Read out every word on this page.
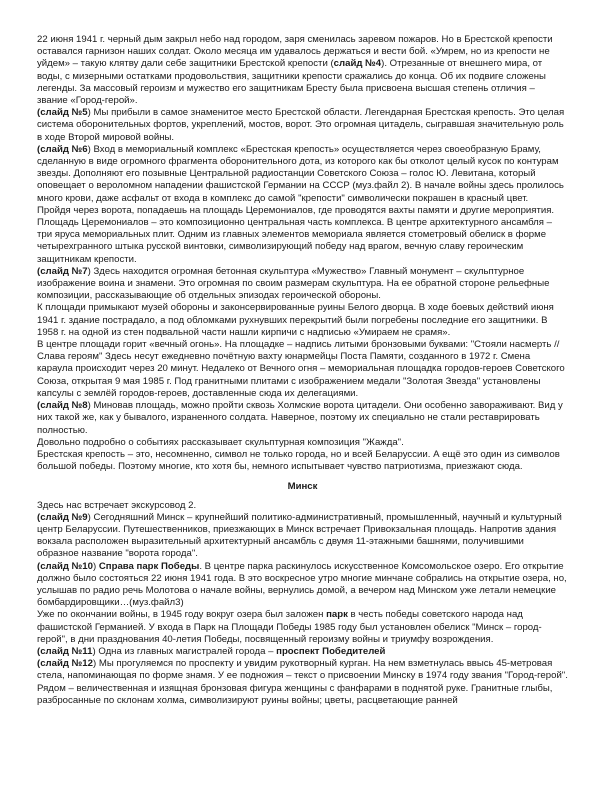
22 июня 1941 г. черный дым закрыл небо над городом, заря сменилась заревом пожаров. Но в Брестской крепости оставался гарнизон наших солдат. Около месяца им удавалось держаться и вести бой. «Умрем, но из крепости не уйдем» – такую клятву дали себе защитники Брестской крепости (слайд №4). Отрезанные от внешнего мира, от воды, с мизерными остатками продовольствия, защитники крепости сражались до конца. Об их подвиге сложены легенды. За массовый героизм и мужество его защитникам Бресту была присвоена высшая степень отличия – звание «Город-герой».

(слайд №5) Мы прибыли в самое знаменитое место Брестской области. Легендарная Брестская крепость. Это целая система оборонительных фортов, укреплений, мостов, ворот. Это огромная цитадель, сыгравшая значительную роль в ходе Второй мировой войны.

(слайд №6) Вход в мемориальный комплекс «Брестская крепость» осуществляется через своеобразную Браму, сделанную в виде огромного фрагмента оборонительного дота, из которого как бы отколот целый кусок по контурам звезды. Дополняют его позывные Центральной радиостанции Советского Союза – голос Ю. Левитана, который оповещает о вероломном нападении фашистской Германии на СССР (муз.файл 2). В начале войны здесь пролилось много крови, даже асфальт от входа в комплекс до самой "крепости" символически покрашен в красный цвет.

Пройдя через ворота, попадаешь на площадь Церемониалов, где проводятся вахты памяти и другие мероприятия. Площадь Церемониалов – это композиционно центральная часть комплекса. В центре архитектурного ансамбля – три яруса мемориальных плит. Одним из главных элементов мемориала является стометровый обелиск в форме четырехгранного штыка русской винтовки, символизирующий победу над врагом, вечную славу героическим защитникам крепости.

(слайд №7) Здесь находится огромная бетонная скульптура «Мужество» Главный монумент – скульптурное изображение воина и знамени. Это огромная по своим размерам скульптура. На ее обратной стороне рельефные композиции, рассказывающие об отдельных эпизодах героической обороны.

К площади примыкают музей обороны и законсервированные руины Белого дворца. В ходе боевых действий июня 1941 г. здание пострадало, а под обломками рухнувших перекрытий были погребены последние его защитники. В 1958 г. на одной из стен подвальной части нашли кирпичи с надписью «Умираем не срамя».

В центре площади горит «вечный огонь». На площадке – надпись литыми бронзовыми буквами: "Стояли насмерть // Слава героям" Здесь несут ежедневно почётную вахту юнармейцы Поста Памяти, созданного в 1972 г. Смена караула происходит через 20 минут. Недалеко от Вечного огня – мемориальная площадка городов-героев Советского Союза, открытая 9 мая 1985 г. Под гранитными плитами с изображением медали "Золотая Звезда" установлены капсулы с землёй городов-героев, доставленные сюда их делегациями.

(слайд №8) Миновав площадь, можно пройти сквозь Холмские ворота цитадели. Они особенно завораживают. Вид у них такой же, как у бывалого, израненного солдата. Наверное, поэтому их специально не стали реставрировать полностью.

Довольно подробно о событиях рассказывает скульптурная композиция "Жажда".

Брестская крепость – это, несомненно, символ не только города, но и всей Беларуссии. А ещё это один из символов большой победы. Поэтому многие, кто хотя бы, немного испытывает чувство патриотизма, приезжают сюда.

Минск

Здесь нас встречает экскурсовод 2.

(слайд №9) Сегодняшний Минск – крупнейший политико-административный, промышленный, научный и культурный центр Беларуссии. Путешественников, приезжающих в Минск встречает Привокзальная площадь. Напротив здания вокзала расположен выразительный архитектурный ансамбль с двумя 11-этажными башнями, получившими образное название "ворота города".

(слайд №10) Справа парк Победы. В центре парка раскинулось искусственное Комсомольское озеро. Его открытие должно было состояться 22 июня 1941 года. В это воскресное утро многие минчане собрались на открытие озера, но, услышав по радио речь Молотова о начале войны, вернулись домой, а вечером над Минском уже летали немецкие бомбардировщики…(муз.файл3)

Уже по окончании войны, в 1945 году вокруг озера был заложен парк в честь победы советского народа над фашистской Германией. У входа в Парк на Площади Победы 1985 году был установлен обелиск "Минск – город-герой", в дни празднования 40-летия Победы, посвященный героизму войны и триумфу возрождения.

(слайд №11) Одна из главных магистралей города – проспект Победителей

(слайд №12) Мы прогуляемся по проспекту и увидим рукотворный курган. На нем взметнулась ввысь 45-метровая стела, напоминающая по форме знамя. У ее подножия – текст о присвоении Минску в 1974 году звания "Город-герой". Рядом – величественная и изящная бронзовая фигура женщины с фанфарами в поднятой руке. Гранитные глыбы, разбросанные по склонам холма, символизируют руины войны; цветы, расцветающие ранней
